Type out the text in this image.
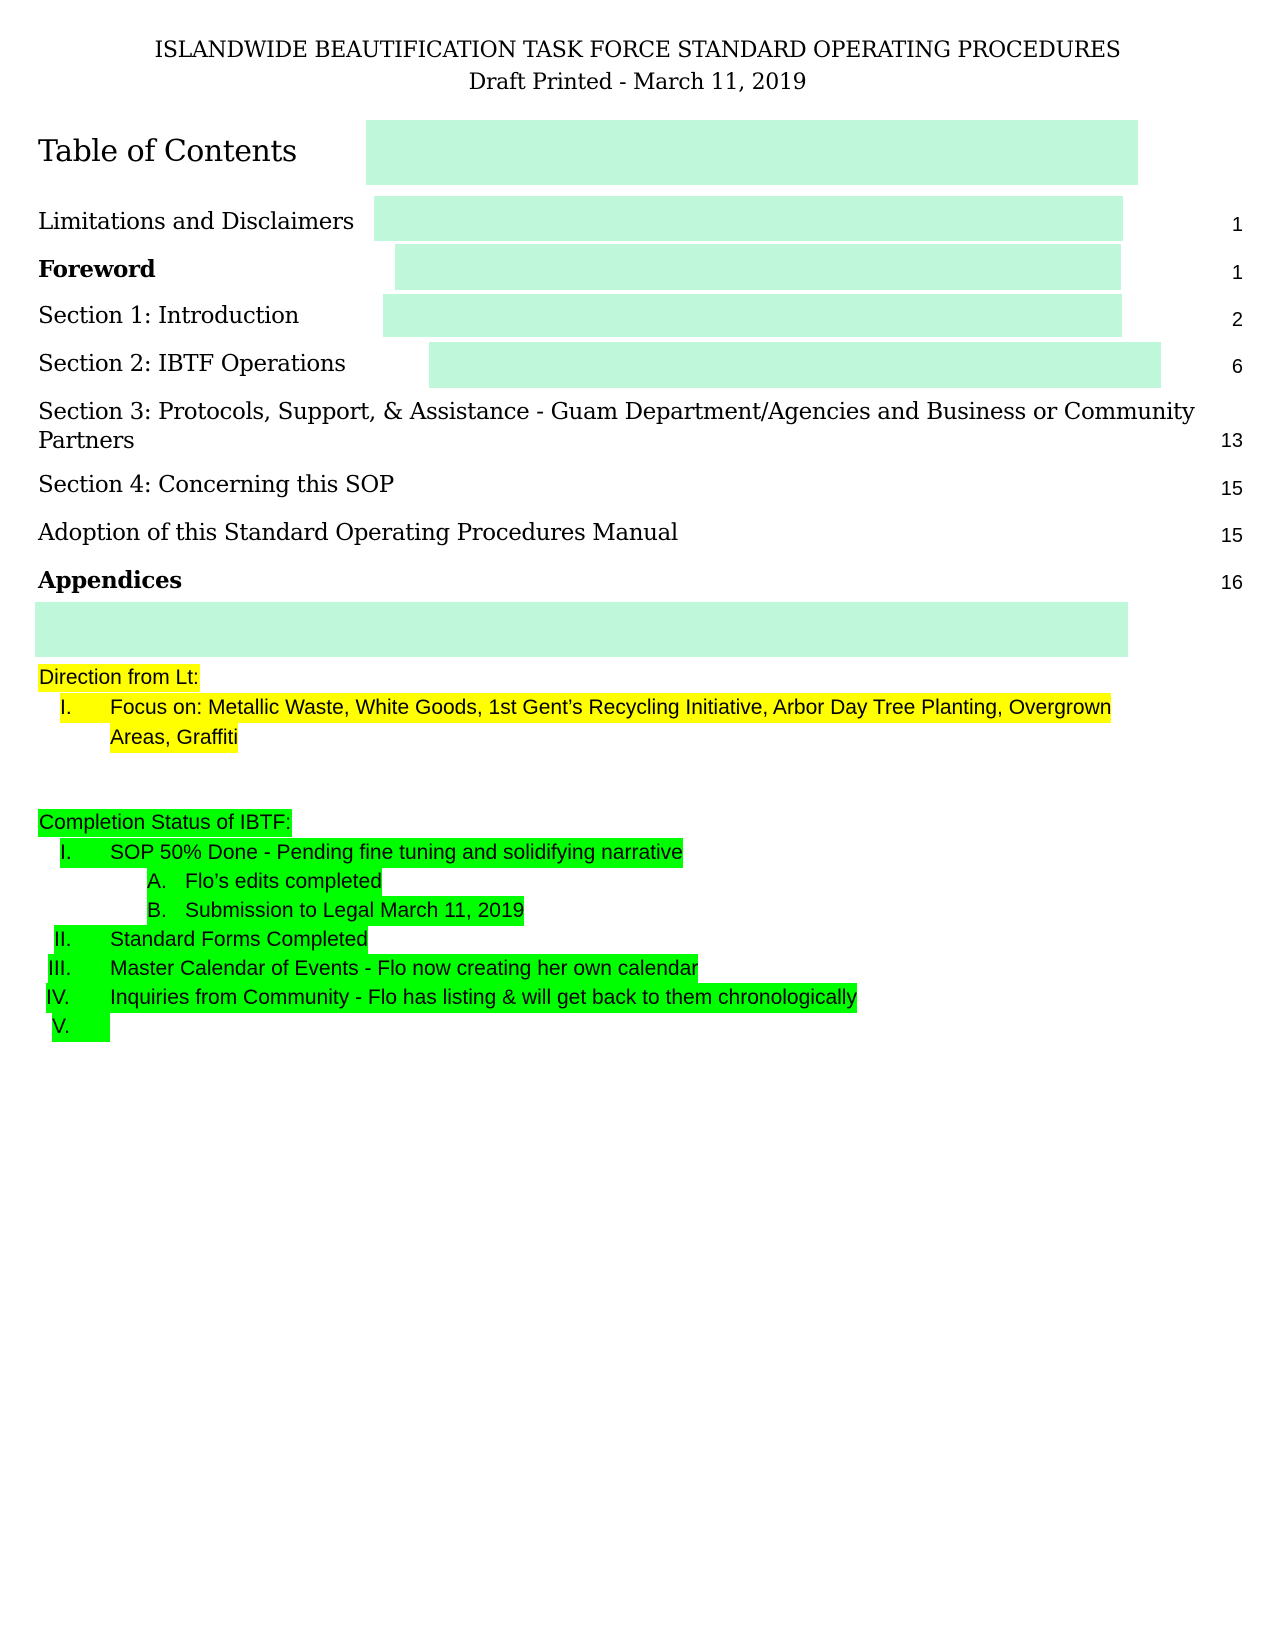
ISLANDWIDE BEAUTIFICATION TASK FORCE STANDARD OPERATING PROCEDURES
Draft Printed - March 11, 2019
Table of Contents
Limitations and Disclaimers	1
Foreword	1
Section 1: Introduction	2
Section 2: IBTF Operations	6
Section 3: Protocols, Support, & Assistance - Guam Department/Agencies and Business or Community Partners	13
Section 4: Concerning this SOP	15
Adoption of this Standard Operating Procedures Manual	15
Appendices	16
Direction from Lt:
I.	Focus on: Metallic Waste, White Goods, 1st Gent’s Recycling Initiative, Arbor Day Tree Planting, Overgrown
Areas, Graffiti
Completion Status of IBTF:
I.	SOP 50% Done - Pending fine tuning and solidifying narrative
A. Flo’s edits completed
B. Submission to Legal March 11, 2019
II.	Standard Forms Completed
III.	Master Calendar of Events - Flo now creating her own calendar
IV.	Inquiries from Community - Flo has listing & will get back to them chronologically
V.
